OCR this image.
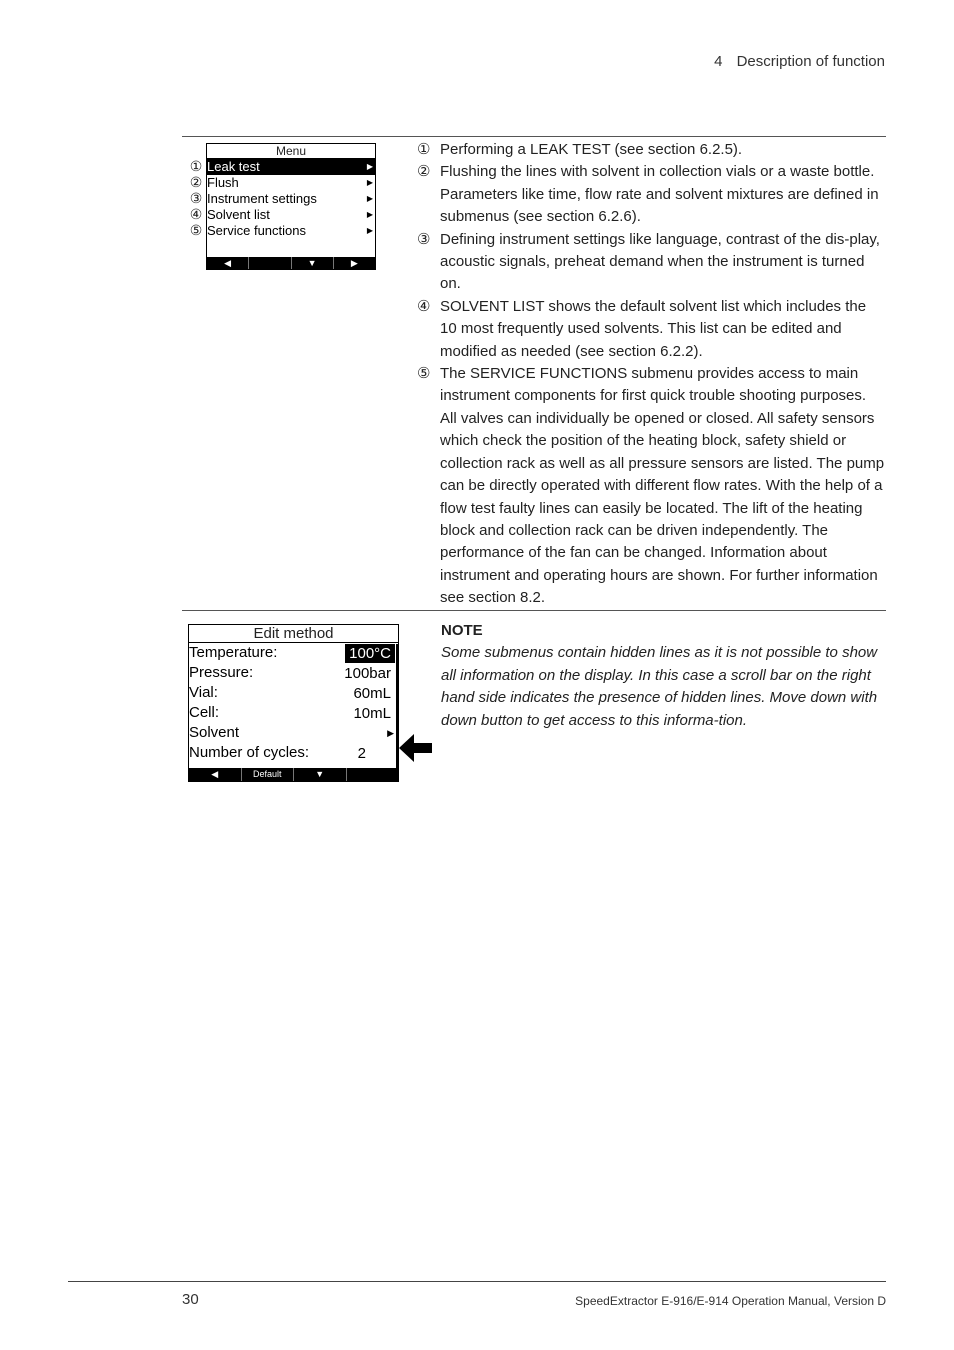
4 Description of function
①
②
③
④
⑤
Menu
Leak test	▶
Flush	▶
Instrument settings	▶
Solvent list	▶
Service functions	▶
◀	▼	▶
① Performing a LEAK TEST (see section 6.2.5).
② Flushing the lines with solvent in collection vials or a waste bottle. Parameters like time, flow rate and solvent mixtures are defined in submenus (see section 6.2.6).
③ Defining instrument settings like language, contrast of the dis-play, acoustic signals, preheat demand when the instrument is turned on.
④ SOLVENT LIST shows the default solvent list which includes the 10 most frequently used solvents. This list can be edited and modified as needed (see section 6.2.2).
⑤ The SERVICE FUNCTIONS submenu provides access to main instrument components for first quick trouble shooting purposes. All valves can individually be opened or closed. All safety sensors which check the position of the heating block, safety shield or collection rack as well as all pressure sensors are listed. The pump can be directly operated with different flow rates. With the help of a flow test faulty lines can easily be located. The lift of the heating block and collection rack can be driven independently. The performance of the fan can be changed. Information about instrument and operating hours are shown. For further information see section 8.2.
Edit method
Temperature:	100°C
Pressure:	100bar
Vial:	60mL
Cell:	10mL
Solvent	▶
Number of cycles:	2
◀	Default	▼
NOTE
Some submenus contain hidden lines as it is not possible to show all information on the display. In this case a scroll bar on the right hand side indicates the presence of hidden lines. Move down with down button to get access to this informa-tion.
30	SpeedExtractor E-916/E-914 Operation Manual, Version D
